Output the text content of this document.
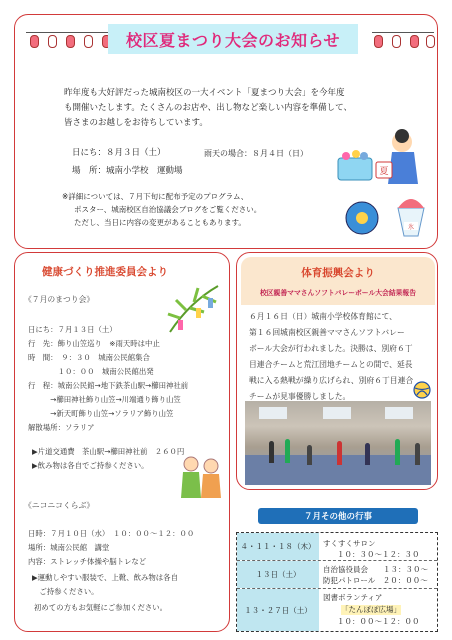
校区夏まつり大会のお知らせ
昨年度も大好評だった城南校区の一大イベント「夏まつり大会」を今年度
も開催いたします。たくさんのお店や、出し物など楽しい内容を準備して、
皆さまのお越しをお待ちしています。
日にち：８月３日（土）	雨天の場合：８月４日（日）
場　所：城南小学校　運動場
※詳細については、７月下旬に配布予定のプログラム、
ポスター、城南校区自治協議会ブログをご覧ください。
ただし、当日に内容の変更があることもあります。
夏
氷
健康づくり推進委員会より
《７月のまつり会》
日にち：７月１３日（土）
行　先：飾り山笠巡り　※雨天時は中止
時　間：　９：３０　城南公民館集合
　　　　１０：００　城南公民館出発
行　程：城南公民館→地下鉄茶山駅→櫛田神社前
　　　→櫛田神社飾り山笠→川端通り飾り山笠
　　　→新天町飾り山笠→ソラリア飾り山笠
解散場所：ソラリア
▶片道交通費　茶山駅→櫛田神社前　２６０円
▶飲み物は各自でご持参ください。
《ニコニコくらぶ》
日時：７月１０日（水）　１０：００～１２：００
場所：城南公民館　講堂
内容：ストレッチ体操や脳トレなど
▶運動しやすい服装で、上靴、飲み物は各自
　ご持参ください。
初めての方もお気軽にご参加ください。
体育振興会より
校区親善ママさんソフトバレーボール大会結果報告
６月１６日（日）城南小学校体育館にて、
第１６回城南校区親善ママさんソフトバレー
ボール大会が行われました。決勝は、別府６丁
目連合チームと荒江団地チームとの間で、延長
戦に入る熱戦が繰り広げられ、別府６丁目連合
チームが見事優勝しました。
７月その他の行事
４・１１・１８（木）	すくすくサロン
１０：３０～１２：３０
１３日（土）
自治協役員会　　１３：３０～
防犯パトロール　２０：００～
１３・２７日（土）
図書ボランティア
「たんぽぽ広場」
１０：００～１２：００
